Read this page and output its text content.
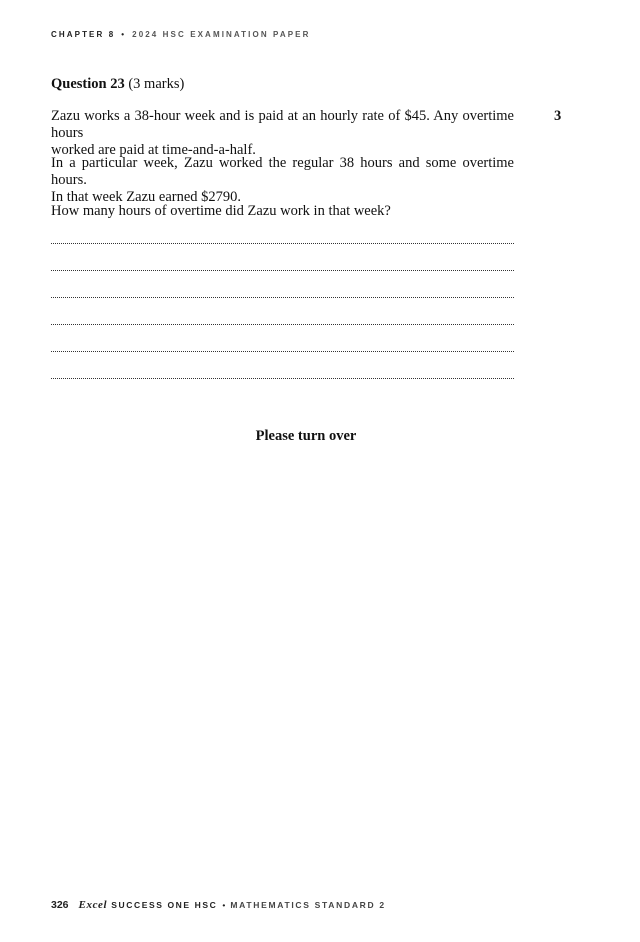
CHAPTER 8 • 2024 HSC EXAMINATION PAPER
Question 23 (3 marks)
3
Zazu works a 38-hour week and is paid at an hourly rate of $45. Any overtime hours
worked are paid at time-and-a-half.
In a particular week, Zazu worked the regular 38 hours and some overtime hours.
In that week Zazu earned $2790.
How many hours of overtime did Zazu work in that week?
Please turn over
326 Excel SUCCESS ONE HSC • MATHEMATICS STANDARD 2
